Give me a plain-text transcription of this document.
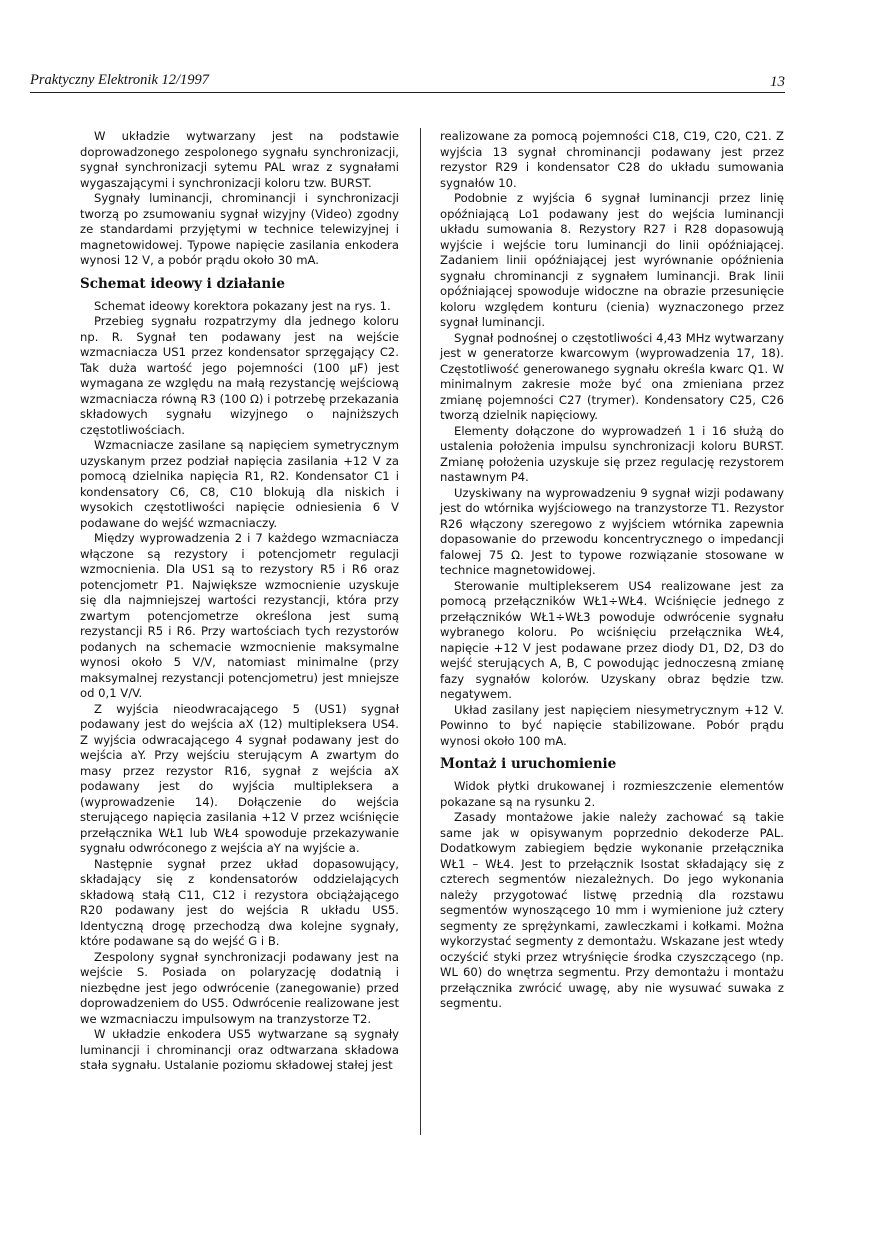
Praktyczny Elektronik 12/1997	13

W układzie wytwarzany jest na podstawie doprowadzonego zespolonego sygnału synchronizacji, sygnał synchronizacji sytemu PAL wraz z sygnałami wygaszającymi i synchronizacji koloru tzw. BURST.

Sygnały luminancji, chrominancji i synchronizacji tworzą po zsumowaniu sygnał wizyjny (Video) zgodny ze standardami przyjętymi w technice telewizyjnej i magnetowidowej. Typowe napięcie zasilania enkodera wynosi 12 V, a pobór prądu około 30 mA.

Schemat ideowy i działanie

Schemat ideowy korektora pokazany jest na rys. 1.

Przebieg sygnału rozpatrzymy dla jednego koloru np. R. Sygnał ten podawany jest na wejście wzmacniacza US1 przez kondensator sprzęgający C2. Tak duża wartość jego pojemności (100 µF) jest wymagana ze względu na małą rezystancję wejściową wzmacniacza równą R3 (100 Ω) i potrzebę przekazania składowych sygnału wizyjnego o najniższych częstotliwościach.

Wzmacniacze zasilane są napięciem symetrycznym uzyskanym przez podział napięcia zasilania +12 V za pomocą dzielnika napięcia R1, R2. Kondensator C1 i kondensatory C6, C8, C10 blokują dla niskich i wysokich częstotliwości napięcie odniesienia 6 V podawane do wejść wzmacniaczy.

Między wyprowadzenia 2 i 7 każdego wzmacniacza włączone są rezystory i potencjometr regulacji wzmocnienia. Dla US1 są to rezystory R5 i R6 oraz potencjometr P1. Największe wzmocnienie uzyskuje się dla najmniejszej wartości rezystancji, która przy zwartym potencjometrze określona jest sumą rezystancji R5 i R6. Przy wartościach tych rezystorów podanych na schemacie wzmocnienie maksymalne wynosi około 5 V/V, natomiast minimalne (przy maksymalnej rezystancji potencjometru) jest mniejsze od 0,1 V/V.

Z wyjścia nieodwracającego 5 (US1) sygnał podawany jest do wejścia aX (12) multipleksera US4. Z wyjścia odwracającego 4 sygnał podawany jest do wejścia aY. Przy wejściu sterującym A zwartym do masy przez rezystor R16, sygnał z wejścia aX podawany jest do wyjścia multipleksera a (wyprowadzenie 14). Dołączenie do wejścia sterującego napięcia zasilania +12 V przez wciśnięcie przełącznika WŁ1 lub WŁ4 spowoduje przekazywanie sygnału odwróconego z wejścia aY na wyjście a.

Następnie sygnał przez układ dopasowujący, składający się z kondensatorów oddzielających składową stałą C11, C12 i rezystora obciążającego R20 podawany jest do wejścia R układu US5. Identyczną drogę przechodzą dwa kolejne sygnały, które podawane są do wejść G i B.

Zespolony sygnał synchronizacji podawany jest na wejście S. Posiada on polaryzację dodatnią i niezbędne jest jego odwrócenie (zanegowanie) przed doprowadzeniem do US5. Odwrócenie realizowane jest we wzmacniaczu impulsowym na tranzystorze T2.

W układzie enkodera US5 wytwarzane są sygnały luminancji i chrominancji oraz odtwarzana składowa stała sygnału. Ustalanie poziomu składowej stałej jest

realizowane za pomocą pojemności C18, C19, C20, C21. Z wyjścia 13 sygnał chrominancji podawany jest przez rezystor R29 i kondensator C28 do układu sumowania sygnałów 10.

Podobnie z wyjścia 6 sygnał luminancji przez linię opóźniającą Lo1 podawany jest do wejścia luminancji układu sumowania 8. Rezystory R27 i R28 dopasowują wyjście i wejście toru luminancji do linii opóźniającej. Zadaniem linii opóźniającej jest wyrównanie opóźnienia sygnału chrominancji z sygnałem luminancji. Brak linii opóźniającej spowoduje widoczne na obrazie przesunięcie koloru względem konturu (cienia) wyznaczonego przez sygnał luminancji.

Sygnał podnośnej o częstotliwości 4,43 MHz wytwarzany jest w generatorze kwarcowym (wyprowadzenia 17, 18). Częstotliwość generowanego sygnału określa kwarc Q1. W minimalnym zakresie może być ona zmieniana przez zmianę pojemności C27 (trymer). Kondensatory C25, C26 tworzą dzielnik napięciowy.

Elementy dołączone do wyprowadzeń 1 i 16 służą do ustalenia położenia impulsu synchronizacji koloru BURST. Zmianę położenia uzyskuje się przez regulację rezystorem nastawnym P4.

Uzyskiwany na wyprowadzeniu 9 sygnał wizji podawany jest do wtórnika wyjściowego na tranzystorze T1. Rezystor R26 włączony szeregowo z wyjściem wtórnika zapewnia dopasowanie do przewodu koncentrycznego o impedancji falowej 75 Ω. Jest to typowe rozwiązanie stosowane w technice magnetowidowej.

Sterowanie multiplekserem US4 realizowane jest za pomocą przełączników WŁ1÷WŁ4. Wciśnięcie jednego z przełączników WŁ1÷WŁ3 powoduje odwrócenie sygnału wybranego koloru. Po wciśnięciu przełącznika WŁ4, napięcie +12 V jest podawane przez diody D1, D2, D3 do wejść sterujących A, B, C powodując jednoczesną zmianę fazy sygnałów kolorów. Uzyskany obraz będzie tzw. negatywem.

Układ zasilany jest napięciem niesymetrycznym +12 V. Powinno to być napięcie stabilizowane. Pobór prądu wynosi około 100 mA.

Montaż i uruchomienie

Widok płytki drukowanej i rozmieszczenie elementów pokazane są na rysunku 2.

Zasady montażowe jakie należy zachować są takie same jak w opisywanym poprzednio dekoderze PAL. Dodatkowym zabiegiem będzie wykonanie przełącznika WŁ1 – WŁ4. Jest to przełącznik Isostat składający się z czterech segmentów niezależnych. Do jego wykonania należy przygotować listwę przednią dla rozstawu segmentów wynoszącego 10 mm i wymienione już cztery segmenty ze sprężynkami, zawleczkami i kołkami. Można wykorzystać segmenty z demontażu. Wskazane jest wtedy oczyścić styki przez wtryśnięcie środka czyszczącego (np. WL 60) do wnętrza segmentu. Przy demontażu i montażu przełącznika zwrócić uwagę, aby nie wysuwać suwaka z segmentu.
